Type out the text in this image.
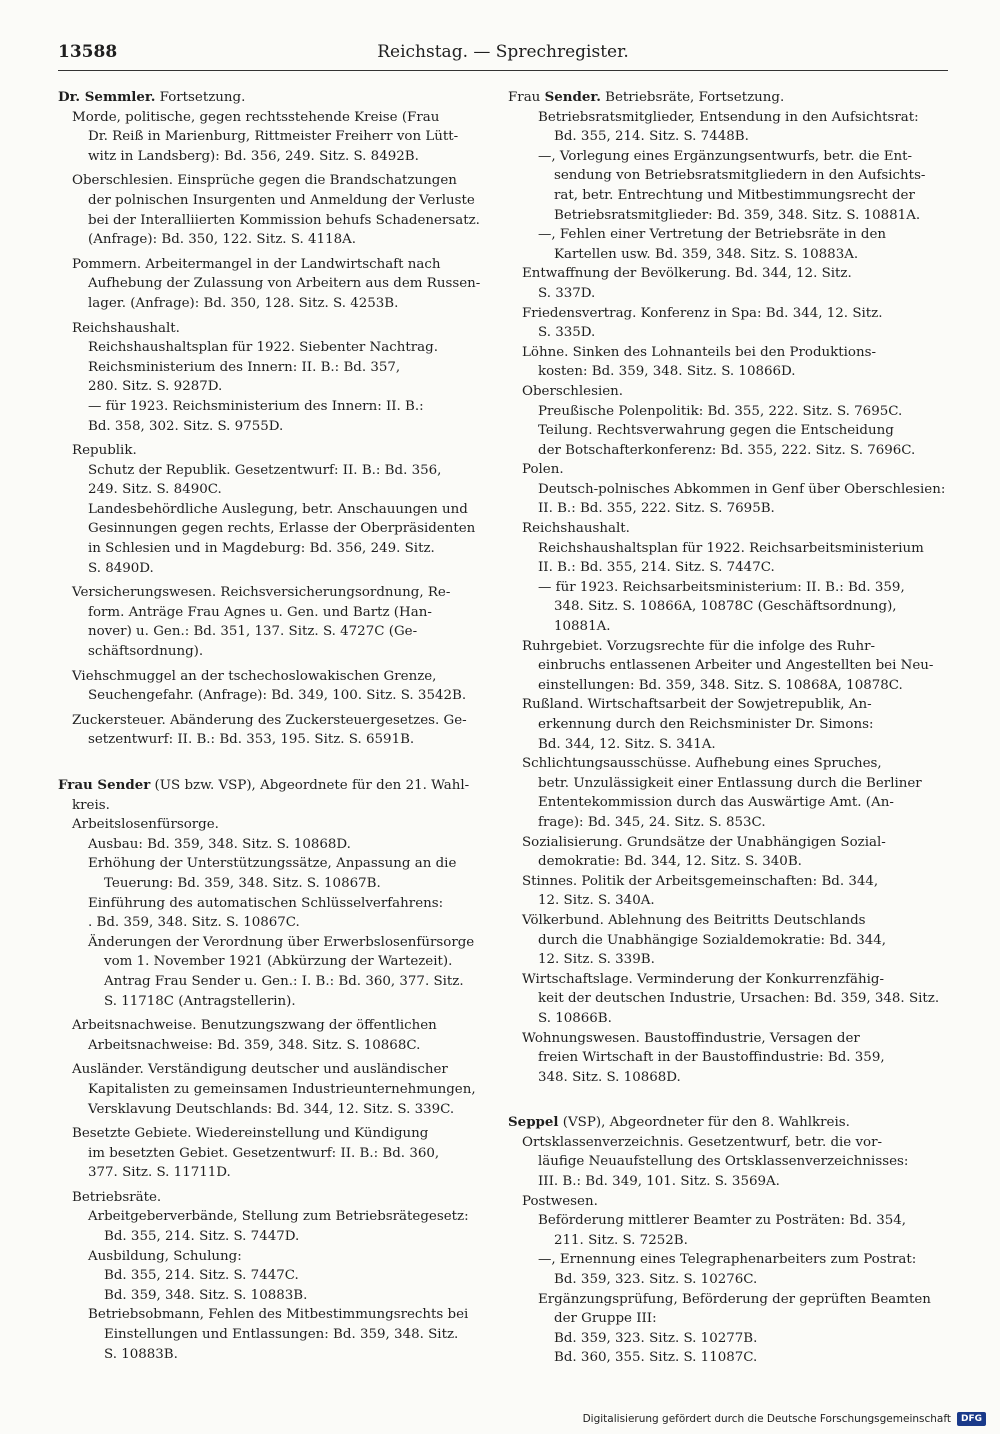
13588	Reichstag. — Sprechregister.
Dr. Semmler. Fortsetzung.
Morde, politische, gegen rechtsstehende Kreise (Frau
Dr. Reiß in Marienburg, Rittmeister Freiherr von Lütt-
witz in Landsberg): Bd. 356, 249. Sitz. S. 8492B.
Oberschlesien. Einsprüche gegen die Brandschatzungen
der polnischen Insurgenten und Anmeldung der Verluste
bei der Interalliierten Kommission behufs Schadenersatz.
(Anfrage): Bd. 350, 122. Sitz. S. 4118A.
Pommern. Arbeitermangel in der Landwirtschaft nach
Aufhebung der Zulassung von Arbeitern aus dem Russen-
lager. (Anfrage): Bd. 350, 128. Sitz. S. 4253B.
Reichshaushalt.
Reichshaushaltsplan für 1922. Siebenter Nachtrag.
Reichsministerium des Innern: II. B.: Bd. 357,
280. Sitz. S. 9287D.
— für 1923. Reichsministerium des Innern: II. B.:
Bd. 358, 302. Sitz. S. 9755D.
Republik.
Schutz der Republik. Gesetzentwurf: II. B.: Bd. 356,
249. Sitz. S. 8490C.
Landesbehördliche Auslegung, betr. Anschauungen und
Gesinnungen gegen rechts, Erlasse der Oberpräsidenten
in Schlesien und in Magdeburg: Bd. 356, 249. Sitz.
S. 8490D.
Versicherungswesen. Reichsversicherungsordnung, Re-
form. Anträge Frau Agnes u. Gen. und Bartz (Han-
nover) u. Gen.: Bd. 351, 137. Sitz. S. 4727C (Ge-
schäftsordnung).
Viehschmuggel an der tschechoslowakischen Grenze,
Seuchengefahr. (Anfrage): Bd. 349, 100. Sitz. S. 3542B.
Zuckersteuer. Abänderung des Zuckersteuergesetzes. Ge-
setzentwurf: II. B.: Bd. 353, 195. Sitz. S. 6591B.
Frau Sender (US bzw. VSP), Abgeordnete für den 21. Wahl-
kreis.
Arbeitslosenfürsorge.
Ausbau: Bd. 359, 348. Sitz. S. 10868D.
Erhöhung der Unterstützungssätze, Anpassung an die
Teuerung: Bd. 359, 348. Sitz. S. 10867B.
Einführung des automatischen Schlüsselverfahrens:
. Bd. 359, 348. Sitz. S. 10867C.
Änderungen der Verordnung über Erwerbslosenfürsorge
vom 1. November 1921 (Abkürzung der Wartezeit).
Antrag Frau Sender u. Gen.: I. B.: Bd. 360, 377. Sitz.
S. 11718C (Antragstellerin).
Arbeitsnachweise. Benutzungszwang der öffentlichen
Arbeitsnachweise: Bd. 359, 348. Sitz. S. 10868C.
Ausländer. Verständigung deutscher und ausländischer
Kapitalisten zu gemeinsamen Industrieunternehmungen,
Versklavung Deutschlands: Bd. 344, 12. Sitz. S. 339C.
Besetzte Gebiete. Wiedereinstellung und Kündigung
im besetzten Gebiet. Gesetzentwurf: II. B.: Bd. 360,
377. Sitz. S. 11711D.
Betriebsräte.
Arbeitgeberverbände, Stellung zum Betriebsrätegesetz:
Bd. 355, 214. Sitz. S. 7447D.
Ausbildung, Schulung:
Bd. 355, 214. Sitz. S. 7447C.
Bd. 359, 348. Sitz. S. 10883B.
Betriebsobmann, Fehlen des Mitbestimmungsrechts bei
Einstellungen und Entlassungen: Bd. 359, 348. Sitz.
S. 10883B.
Frau Sender. Betriebsräte, Fortsetzung.
Betriebsratsmitglieder, Entsendung in den Aufsichtsrat:
Bd. 355, 214. Sitz. S. 7448B.
—, Vorlegung eines Ergänzungsentwurfs, betr. die Ent-
sendung von Betriebsratsmitgliedern in den Aufsichts-
rat, betr. Entrechtung und Mitbestimmungsrecht der
Betriebsratsmitglieder: Bd. 359, 348. Sitz. S. 10881A.
—, Fehlen einer Vertretung der Betriebsräte in den
Kartellen usw. Bd. 359, 348. Sitz. S. 10883A.
Entwaffnung der Bevölkerung. Bd. 344, 12. Sitz.
S. 337D.
Friedensvertrag. Konferenz in Spa: Bd. 344, 12. Sitz.
S. 335D.
Löhne. Sinken des Lohnanteils bei den Produktions-
kosten: Bd. 359, 348. Sitz. S. 10866D.
Oberschlesien.
Preußische Polenpolitik: Bd. 355, 222. Sitz. S. 7695C.
Teilung. Rechtsverwahrung gegen die Entscheidung
der Botschafterkonferenz: Bd. 355, 222. Sitz. S. 7696C.
Polen.
Deutsch-polnisches Abkommen in Genf über Oberschlesien:
II. B.: Bd. 355, 222. Sitz. S. 7695B.
Reichshaushalt.
Reichshaushaltsplan für 1922. Reichsarbeitsministerium
II. B.: Bd. 355, 214. Sitz. S. 7447C.
— für 1923. Reichsarbeitsministerium: II. B.: Bd. 359,
348. Sitz. S. 10866A, 10878C (Geschäftsordnung),
10881A.
Ruhrgebiet. Vorzugsrechte für die infolge des Ruhr-
einbruchs entlassenen Arbeiter und Angestellten bei Neu-
einstellungen: Bd. 359, 348. Sitz. S. 10868A, 10878C.
Rußland. Wirtschaftsarbeit der Sowjetrepublik, An-
erkennung durch den Reichsminister Dr. Simons:
Bd. 344, 12. Sitz. S. 341A.
Schlichtungsausschüsse. Aufhebung eines Spruches,
betr. Unzulässigkeit einer Entlassung durch die Berliner
Ententekommission durch das Auswärtige Amt. (An-
frage): Bd. 345, 24. Sitz. S. 853C.
Sozialisierung. Grundsätze der Unabhängigen Sozial-
demokratie: Bd. 344, 12. Sitz. S. 340B.
Stinnes. Politik der Arbeitsgemeinschaften: Bd. 344,
12. Sitz. S. 340A.
Völkerbund. Ablehnung des Beitritts Deutschlands
durch die Unabhängige Sozialdemokratie: Bd. 344,
12. Sitz. S. 339B.
Wirtschaftslage. Verminderung der Konkurrenzfähig-
keit der deutschen Industrie, Ursachen: Bd. 359, 348. Sitz.
S. 10866B.
Wohnungswesen. Baustoffindustrie, Versagen der
freien Wirtschaft in der Baustoffindustrie: Bd. 359,
348. Sitz. S. 10868D.
Seppel (VSP), Abgeordneter für den 8. Wahlkreis.
Ortsklassenverzeichnis. Gesetzentwurf, betr. die vor-
läufige Neuaufstellung des Ortsklassenverzeichnisses:
III. B.: Bd. 349, 101. Sitz. S. 3569A.
Postwesen.
Beförderung mittlerer Beamter zu Posträten: Bd. 354,
211. Sitz. S. 7252B.
—, Ernennung eines Telegraphenarbeiters zum Postrat:
Bd. 359, 323. Sitz. S. 10276C.
Ergänzungsprüfung, Beförderung der geprüften Beamten
der Gruppe III:
Bd. 359, 323. Sitz. S. 10277B.
Bd. 360, 355. Sitz. S. 11087C.
Digitalisierung gefördert durch die Deutsche Forschungsgemeinschaft	DFG
